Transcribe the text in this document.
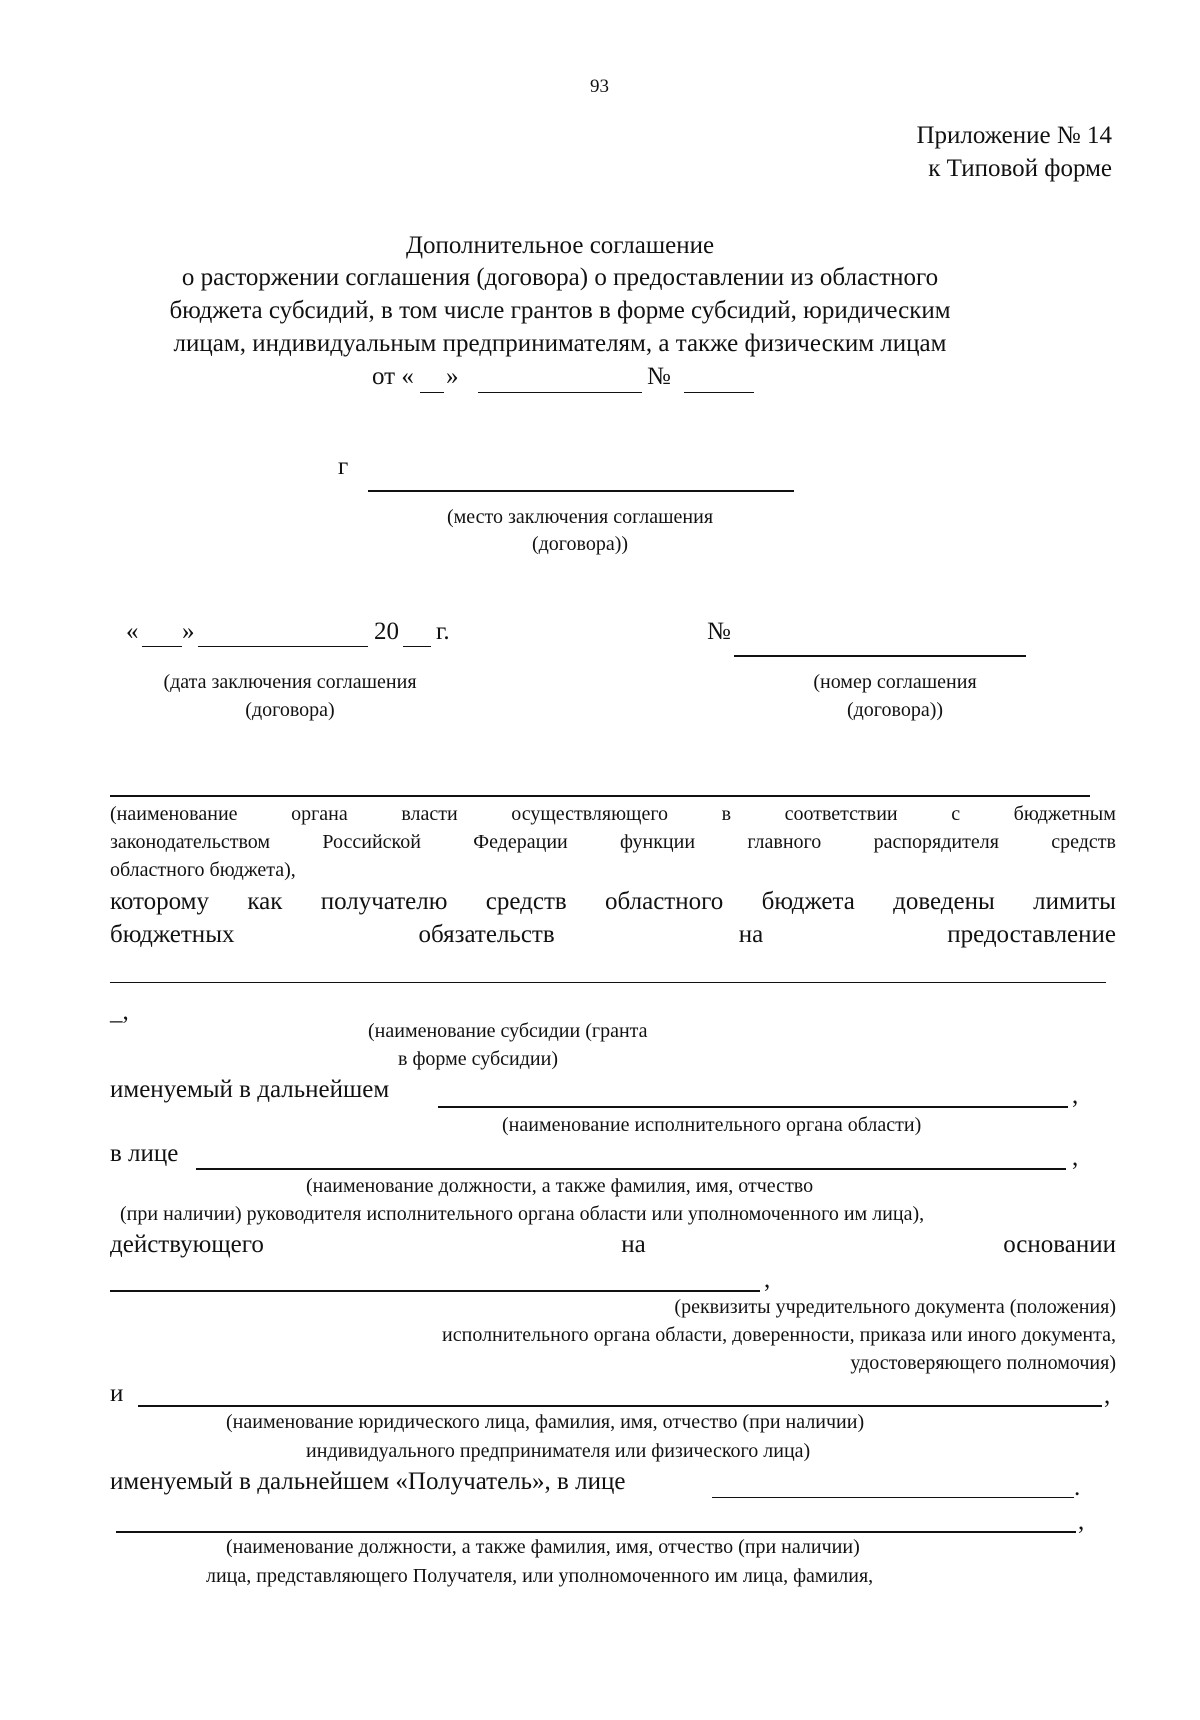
93
Приложение № 14
к Типовой форме
Дополнительное соглашение
о расторжении соглашения (договора) о предоставлении из областного
бюджета субсидий, в том числе грантов в форме субсидий, юридическим
лицам, индивидуальным предпринимателям, а также физическим лицам
от « »	№
г
(место заключения соглашения
(договора))
« »	20 г.
(дата заключения соглашения
(договора)
№
(номер соглашения
(договора))
(наименование	органа	власти	осуществляющего	в	соответствии	с	бюджетным
законодательством	Российской	Федерации	функции	главного	распорядителя	средств
областного бюджета),
которому как получателю средств областного бюджета доведены лимиты
бюджетных	обязательств	на	предоставление
_,
(наименование субсидии (гранта
в форме субсидии)
именуемый в дальнейшем	,
(наименование исполнительного органа области)
в лице	,
(наименование должности, а также фамилия, имя, отчество
(при наличии) руководителя исполнительного органа области или уполномоченного им лица),
действующего	на	основании
,
(реквизиты учредительного документа (положения)
исполнительного органа области, доверенности, приказа или иного документа,
удостоверяющего полномочия)
и	,
(наименование юридического лица, фамилия, имя, отчество (при наличии)
индивидуального предпринимателя или физического лица)
именуемый в дальнейшем «Получатель», в лице	.
,
(наименование должности, а также фамилия, имя, отчество (при наличии)
лица, представляющего Получателя, или уполномоченного им лица, фамилия,
